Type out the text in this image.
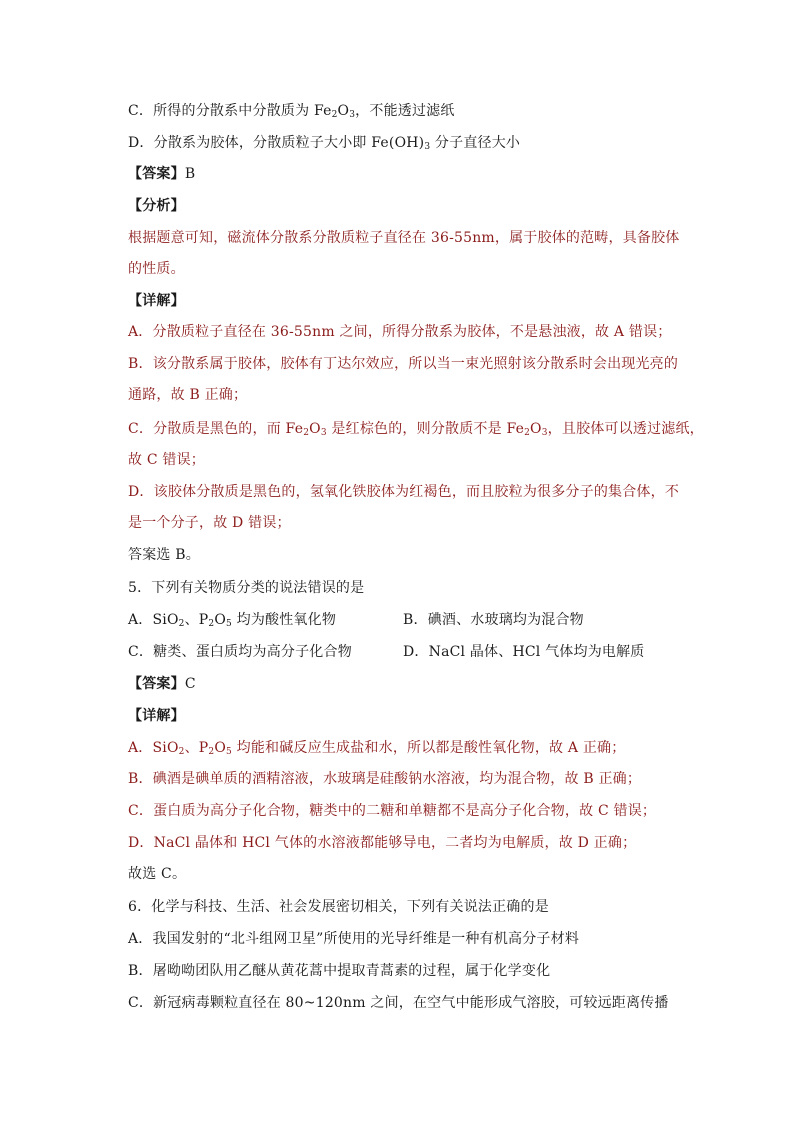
C．所得的分散系中分散质为 $Fe_2O_3$，不能透过滤纸
D．分散系为胶体，分散质粒子大小即 $Fe(OH)_3$ 分子直径大小
【答案】B
【分析】
根据题意可知，磁流体分散系分散质粒子直径在 36-55nm，属于胶体的范畴，具备胶体
的性质。
【详解】
A．分散质粒子直径在 36-55nm 之间，所得分散系为胶体，不是悬浊液，故 A 错误；
B．该分散系属于胶体，胶体有丁达尔效应，所以当一束光照射该分散系时会出现光亮的
通路，故 B 正确；
C．分散质是黑色的，而 $Fe_2O_3$ 是红棕色的，则分散质不是 $Fe_2O_3$，且胶体可以透过滤纸，
故 C 错误；
D．该胶体分散质是黑色的，氢氧化铁胶体为红褐色，而且胶粒为很多分子的集合体，不
是一个分子，故 D 错误；
答案选 B。
5．下列有关物质分类的说法错误的是
A．SiO$_2$、$P_2O_5$ 均为酸性氧化物	B．碘酒、水玻璃均为混合物
C．糖类、蛋白质均为高分子化合物	D．NaCl 晶体、HCl 气体均为电解质
【答案】C
【详解】
A．SiO$_2$、$P_2O_5$ 均能和碱反应生成盐和水，所以都是酸性氧化物，故 A 正确；
B．碘酒是碘单质的酒精溶液，水玻璃是硅酸钠水溶液，均为混合物，故 B 正确；
C．蛋白质为高分子化合物，糖类中的二糖和单糖都不是高分子化合物，故 C 错误；
D．NaCl 晶体和 HCl 气体的水溶液都能够导电，二者均为电解质，故 D 正确；
故选 C。
6．化学与科技、生活、社会发展密切相关，下列有关说法正确的是
A．我国发射的“北斗组网卫星”所使用的光导纤维是一种有机高分子材料
B．屠呦呦团队用乙醚从黄花蒿中提取青蒿素的过程，属于化学变化
C．新冠病毒颗粒直径在 80~120nm 之间，在空气中能形成气溶胶，可较远距离传播
